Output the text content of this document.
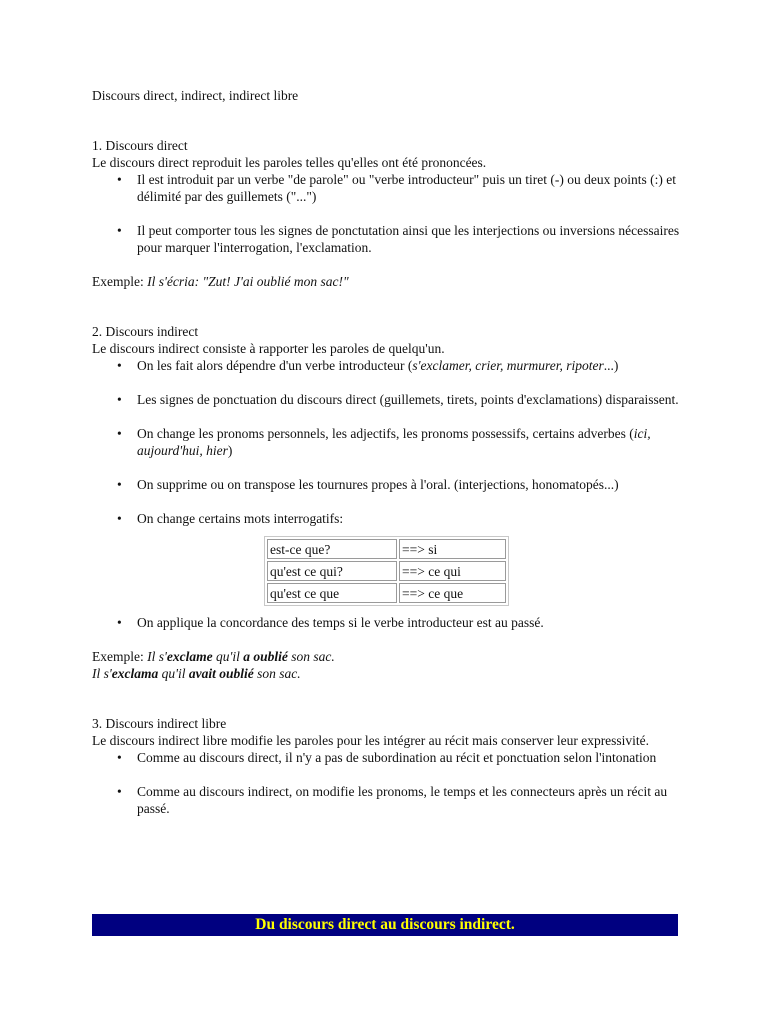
Discours direct, indirect, indirect libre

1. Discours direct

Le discours direct reproduit les paroles telles qu'elles ont été prononcées.

• Il est introduit par un verbe "de parole" ou "verbe introducteur" puis un tiret (-) ou deux points (:) et délimité par des guillemets ("...")
• Il peut comporter tous les signes de ponctutation ainsi que les interjections ou inversions nécessaires pour marquer l'interrogation, l'exclamation.

Exemple: Il s'écria: "Zut! J'ai oublié mon sac!"

2. Discours indirect

Le discours indirect consiste à rapporter les paroles de quelqu'un.

• On les fait alors dépendre d'un verbe introducteur (s'exclamer, crier, murmurer, ripoter...)
• Les signes de ponctuation du discours direct (guillemets, tirets, points d'exclamations) disparaissent.
• On change les pronoms personnels, les adjectifs, les pronoms possessifs, certains adverbes (ici, aujourd'hui, hier)
• On supprime ou on transpose les tournures propes à l'oral. (interjections, honomatopés...)
• On change certains mots interrogatifs:
est-ce que?	==> si
qu'est ce qui?	==> ce qui
qu'est ce que	==> ce que
• On applique la concordance des temps si le verbe introducteur est au passé.

Exemple: Il s'exclame qu'il a oublié son sac.

Il s'exclama qu'il avait oublié son sac.

3. Discours indirect libre

Le discours indirect libre modifie les paroles pour les intégrer au récit mais conserver leur expressivité.

• Comme au discours direct, il n'y a pas de subordination au récit et ponctuation selon l'intonation
• Comme au discours indirect, on modifie les pronoms, le temps et les connecteurs après un récit au passé.
Du discours direct au discours indirect.
